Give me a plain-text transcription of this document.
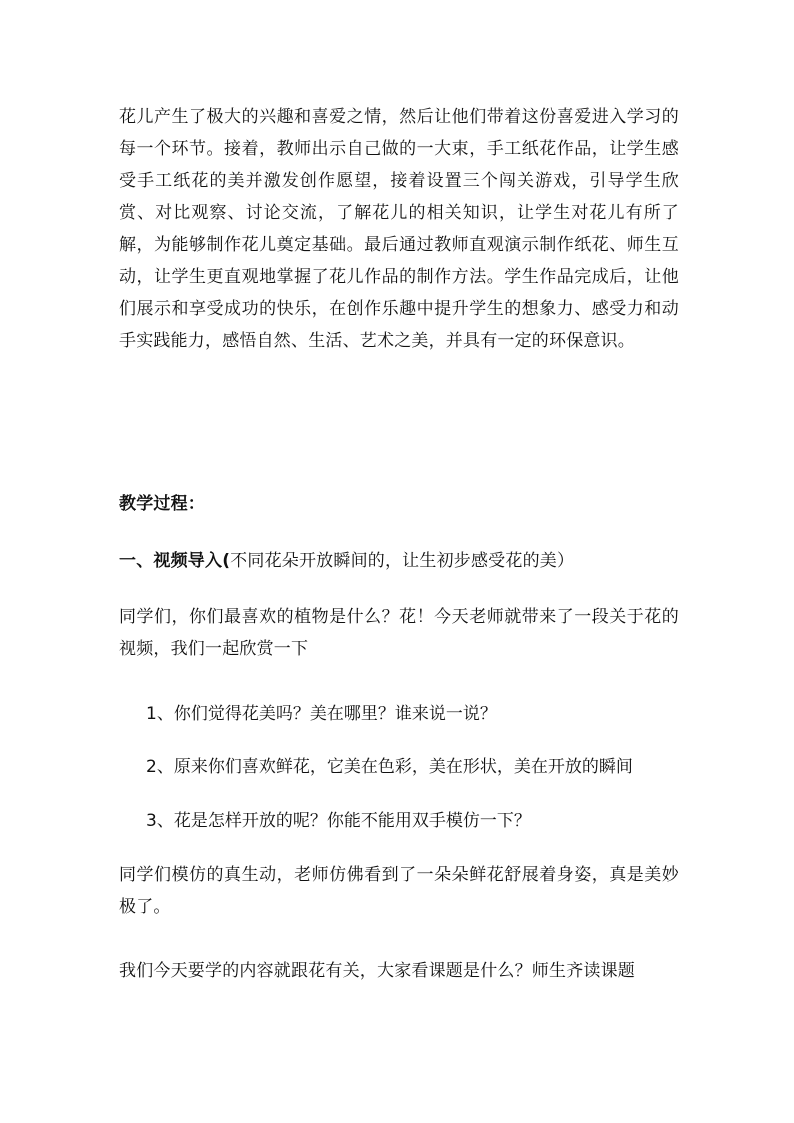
花儿产生了极大的兴趣和喜爱之情，然后让他们带着这份喜爱进入学习的每一个环节。接着，教师出示自己做的一大束，手工纸花作品，让学生感受手工纸花的美并激发创作愿望，接着设置三个闯关游戏，引导学生欣赏、对比观察、讨论交流，了解花儿的相关知识，让学生对花儿有所了解，为能够制作花儿奠定基础。最后通过教师直观演示制作纸花、师生互动，让学生更直观地掌握了花儿作品的制作方法。学生作品完成后，让他们展示和享受成功的快乐，在创作乐趣中提升学生的想象力、感受力和动手实践能力，感悟自然、生活、艺术之美，并具有一定的环保意识。

教学过程：

一、视频导入(不同花朵开放瞬间的，让生初步感受花的美）

同学们，你们最喜欢的植物是什么？花！今天老师就带来了一段关于花的视频，我们一起欣赏一下

1、你们觉得花美吗？美在哪里？谁来说一说？

2、原来你们喜欢鲜花，它美在色彩，美在形状，美在开放的瞬间

3、花是怎样开放的呢？你能不能用双手模仿一下？

同学们模仿的真生动，老师仿佛看到了一朵朵鲜花舒展着身姿，真是美妙极了。

我们今天要学的内容就跟花有关，大家看课题是什么？师生齐读课题
